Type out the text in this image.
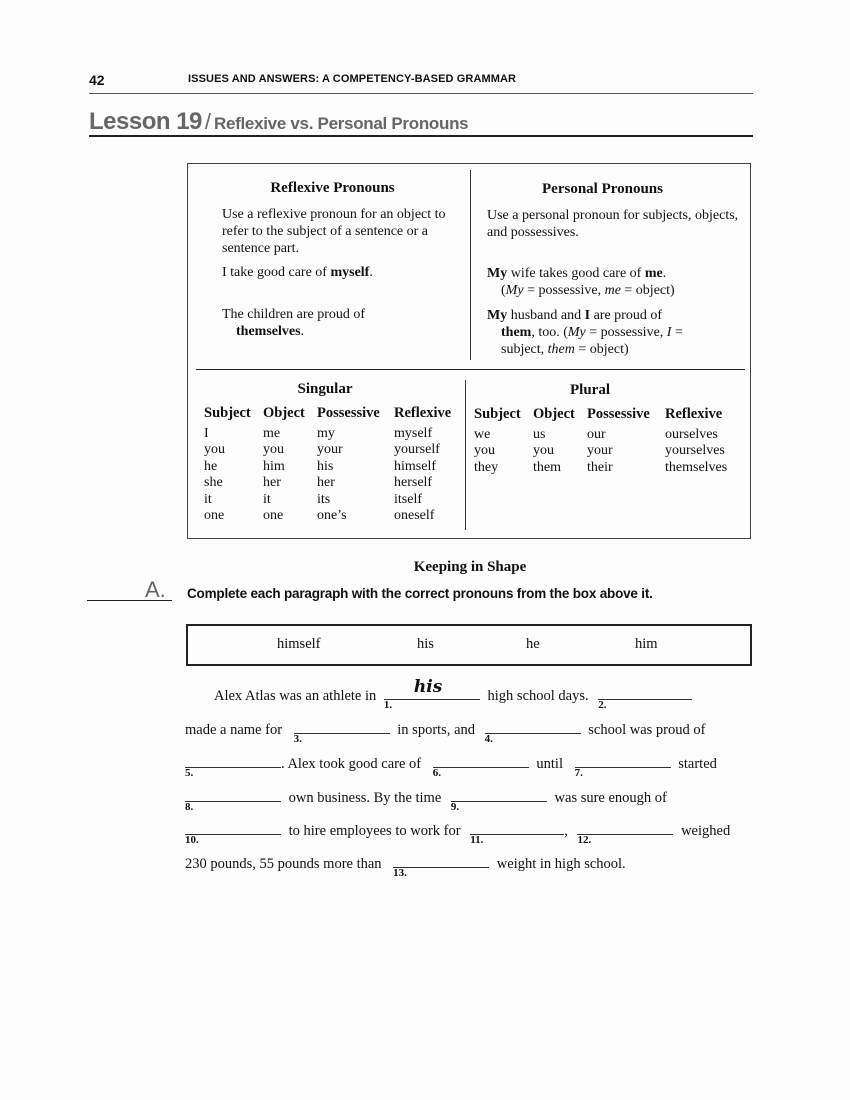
42	ISSUES AND ANSWERS: A COMPETENCY-BASED GRAMMAR
Lesson 19 / Reflexive vs. Personal Pronouns
Reflexive Pronouns
Use a reflexive pronoun for an object to refer to the subject of a sentence or a sentence part.
I take good care of myself.
The children are proud of
themselves.
Personal Pronouns
Use a personal pronoun for subjects, objects, and possessives.
My wife takes good care of me.
(My = possessive, me = object)
My husband and I are proud of
them, too. (My = possessive, I =
subject, them = object)
Singular
Subject	Object	Possessive	Reflexive
I	me	my	myself
you	you	your	yourself
he	him	his	himself
she	her	her	herself
it	it	its	itself
one	one	one’s	oneself
Plural
Subject	Object	Possessive	Reflexive
we	us	our	ourselves
you	you	your	yourselves
they	them	their	themselves
Keeping in Shape
A. Complete each paragraph with the correct pronouns from the box above it.
himself	his	he	him
Alex Atlas was an athlete in his
1.
high school days.
2.
made a name for
3.
in sports, and
4.
school was proud of
5.
. Alex took good care of
6.
until
7.
started
8.
own business. By the time
9.
was sure enough of
10.
to hire employees to work for
11.
,
12.
weighed
230 pounds, 55 pounds more than
13.
weight in high school.
